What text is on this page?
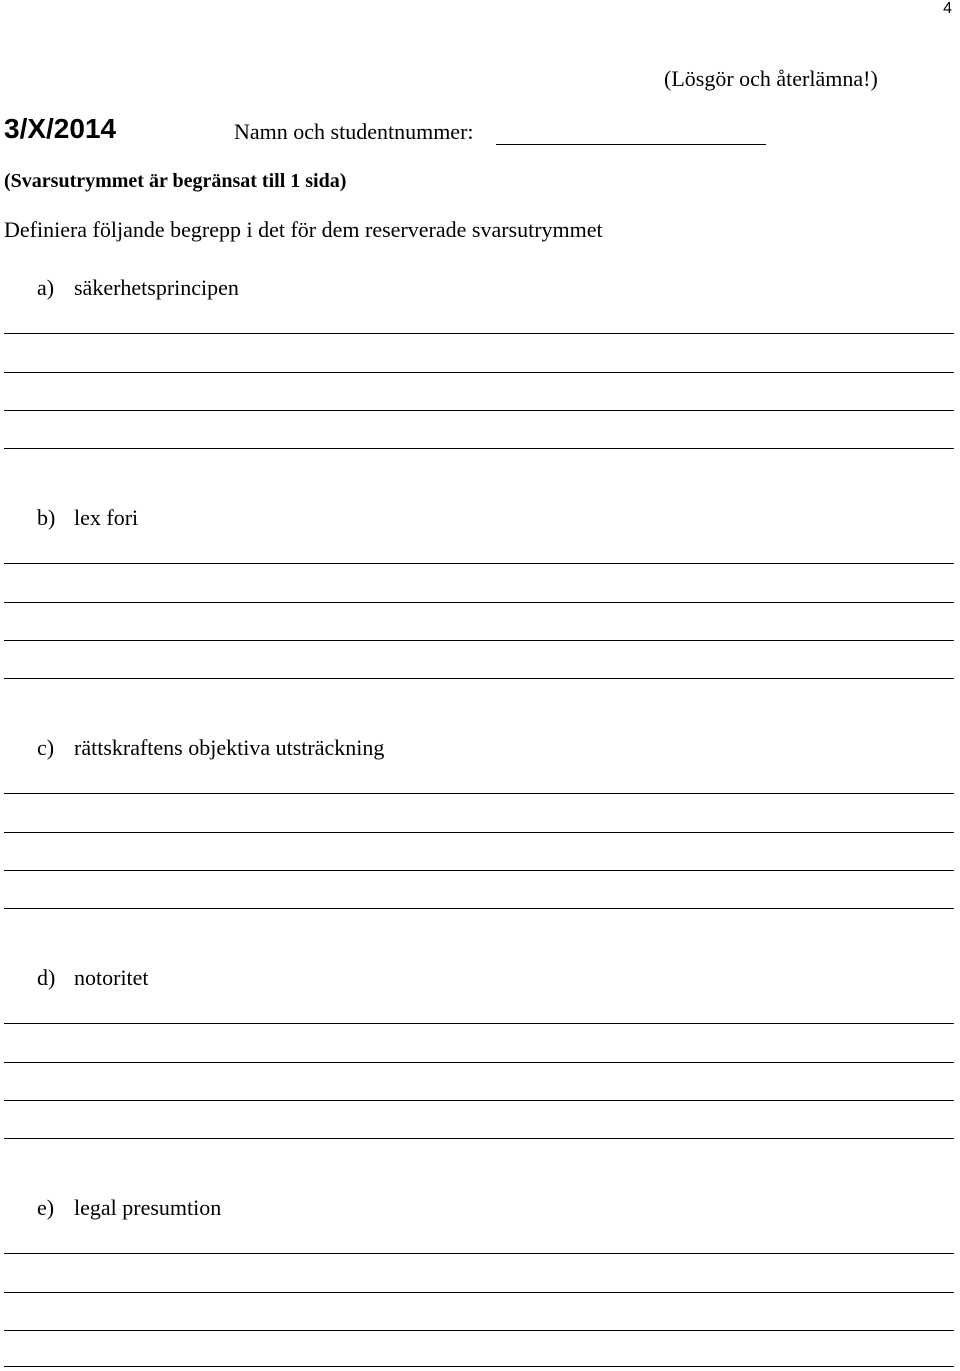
4
(Lösgör och återlämna!)
3/X/2014	Namn och studentnummer:
(Svarsutrymmet är begränsat till 1 sida)
Definiera följande begrepp i det för dem reserverade svarsutrymmet
a) säkerhetsprincipen
b) lex fori
c) rättskraftens objektiva utsträckning
d) notoritet
e) legal presumtion
